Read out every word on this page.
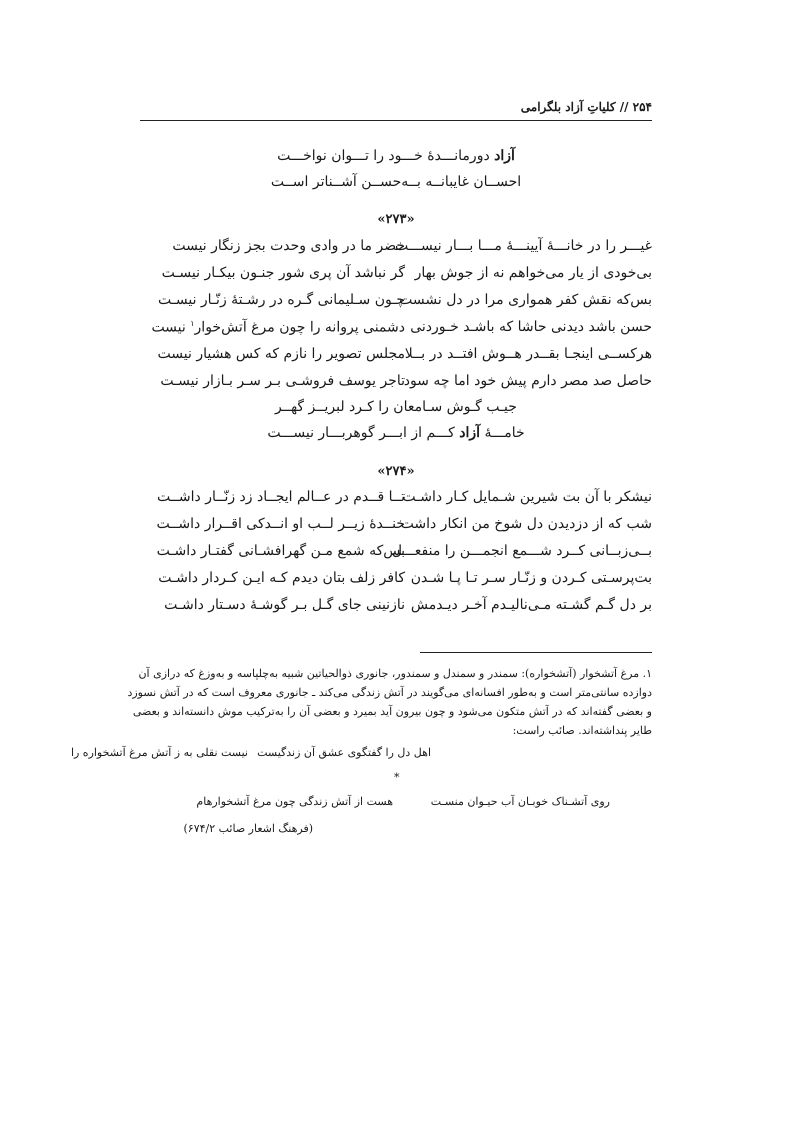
۲۵۴ // کلیاتِ آزاد بلگرامی
آزاد دورمانـــدهٔ خـــود را تـــوان نواخـــت
احســان غایبانــه بــه‌حســن آشــناتر اســت
«۲۷۳»
غیـــر را در خانـــهٔ آیینـــهٔ مـــا بـــار نیســـت
خضر ما در وادی وحدت بجز زنگار نیست
بی‌خودی از یار می‌خواهم نه از جوش بهار
گر نباشد آن پری شور جنـون بیکـار نیسـت
بس‌که نقش کفر همواری مرا در دل نشست
چـون سـلیمانی گـره در رشـتهٔ زنّـار نیسـت
حسن باشد دیدنی حاشا که باشـد خـوردنی
دشمنی پروانه را چون مرغ آتش‌خوار$^۱$ نیست
هرکســی اینجـا بقــدر هــوش افتــد در بــلا
مجلس تصویر را نازم که کس هشیار نیست
حاصل صد مصر دارم پیش خود اما چه سود
تاجر یوسف فروشـی بـر سـر بـازار نیسـت
جیـب گـوش سـامعان را کـرد لبریــز گهــر
خامـــهٔ آزاد کـــم از ابـــر گوهربـــار نیســـت
«۲۷۴»
نیشکر با آن بت شیرین شـمایل کـار داشـت
تــا قــدم در عــالم ایجــاد زد زنّــار داشــت
شب که از دزدیدن دل شوخ من انکار داشت
خنــدهٔ زیــر لــب او انــدکی اقــرار داشــت
بــی‌زبــانی کــرد شـــمع انجمـــن را منفعـــل
بس‌که شمع مـن گهرافشـانی گفتـار داشـت
بت‌پرسـتی کـردن و زنّـار سـر تـا پـا شـدن
کافر زلف بتان دیدم کـه ایـن کـردار داشـت
بر دل گـم گشـته مـی‌نالیـدم آخـر دیـدمش
نازنینی جای گـل بـر گوشـهٔ دسـتار داشـت
۱. مرغ آتشخوار (آتشخواره): سمندر و سمندل و سمندور، جانوری ذوالحیاتین شبیه به‌چلپاسه و به‌وزغ که درازی آن دوازده سانتی‌متر است و به‌طور افسانه‌ای می‌گویند در آتش زندگی می‌کند ـ جانوری معروف است که در آتش نسوزد و بعضی گفته‌اند که در آتش متکون می‌شود و چون بیرون آید بمیرد و بعضی آن را به‌ترکیب موش دانسته‌اند و بعضی طایر پنداشته‌اند. صائب راست:
اهل دل را گفتگوی عشق آن زندگیست
نیست نقلی به ز آتش مرغ آتشخواره را
*
روی آتشـناک خوبـان آب حیـوان منسـت
هست از آتش زندگی چون مرغ آتشخوارهام
(فرهنگ اشعار صائب ۶۷۴/۲)
